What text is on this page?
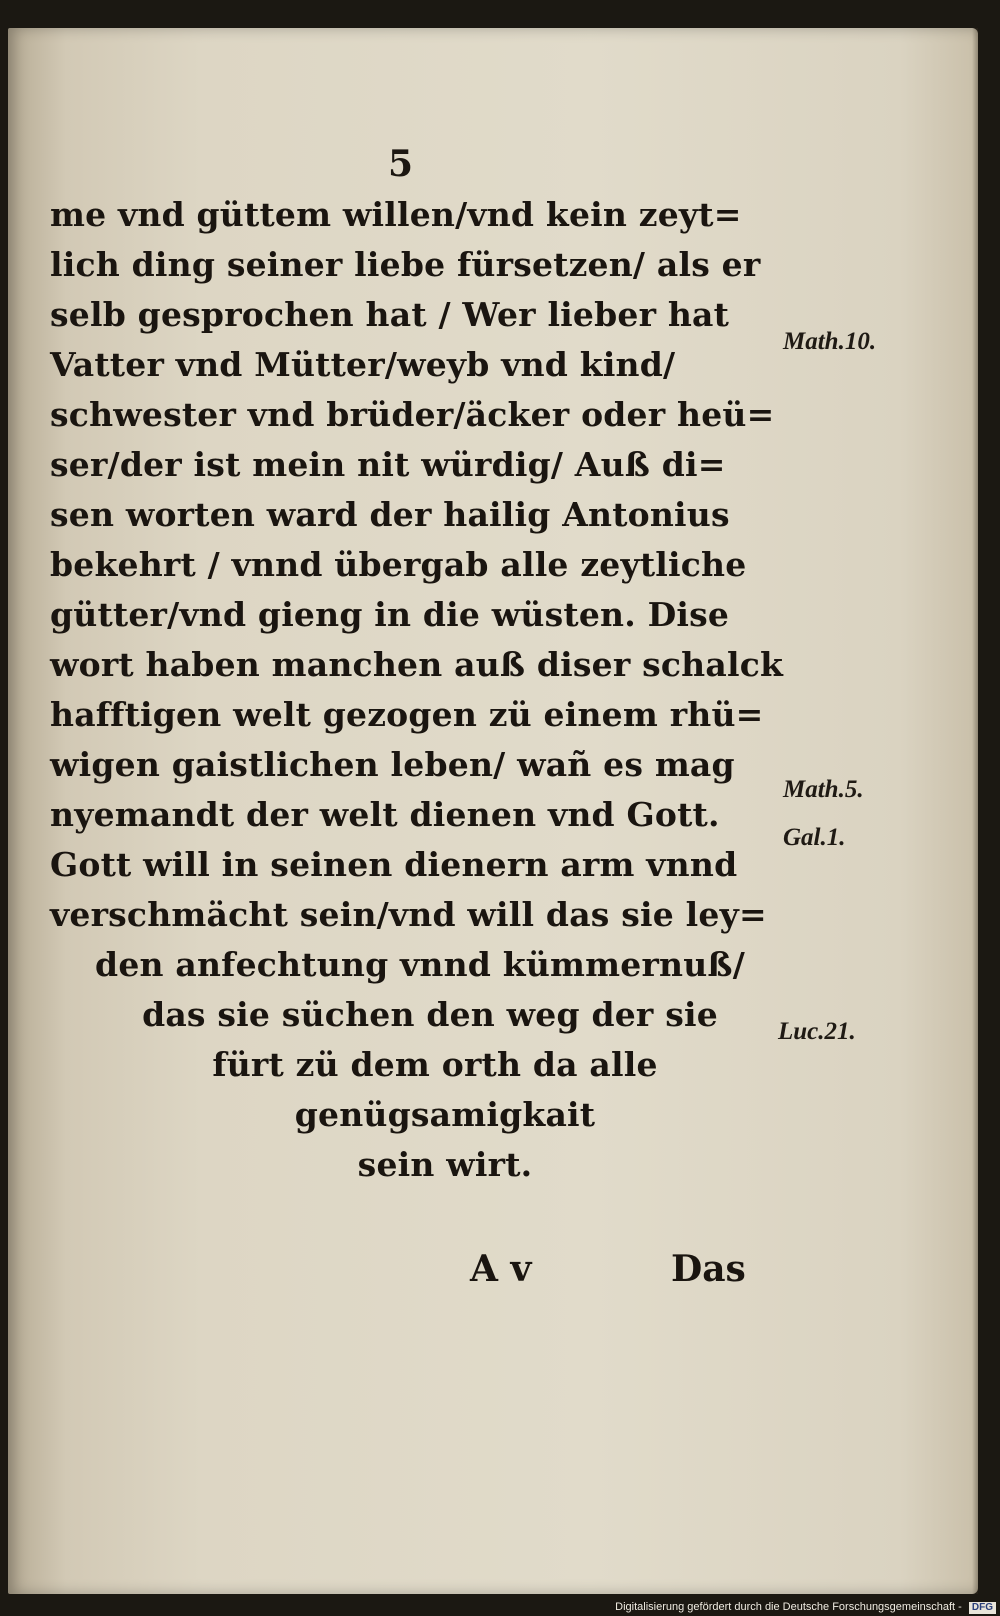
5
me vnd güttem willen/vnd kein zeyt=
lich ding seiner liebe fürsetzen/ als er
selb gesprochen hat / Wer lieber hat
Vatter vnd Mütter/weyb vnd kind/
schwester vnd brüder/äcker oder heü=
ser/der ist mein nit würdig/ Auß di=
sen worten ward der hailig Antonius
bekehrt / vnnd übergab alle zeytliche
gütter/vnd gieng in die wüsten. Dise
wort haben manchen auß diser schalck
hafftigen welt gezogen zü einem rhü=
wigen gaistlichen leben/ wañ es mag
nyemandt der welt dienen vnd Gott.
Gott will in seinen dienern arm vnnd
verschmächt sein/vnd will das sie ley=
den anfechtung vnnd kümmernuß/
das sie süchen den weg der sie
fürt zü dem orth da alle
genügsamigkait
sein wirt.
Math.10.
Math.5.
Gal.1.
Luc.21.
A v	Das
Digitalisierung gefördert durch die Deutsche Forschungsgemeinschaft - DFG
